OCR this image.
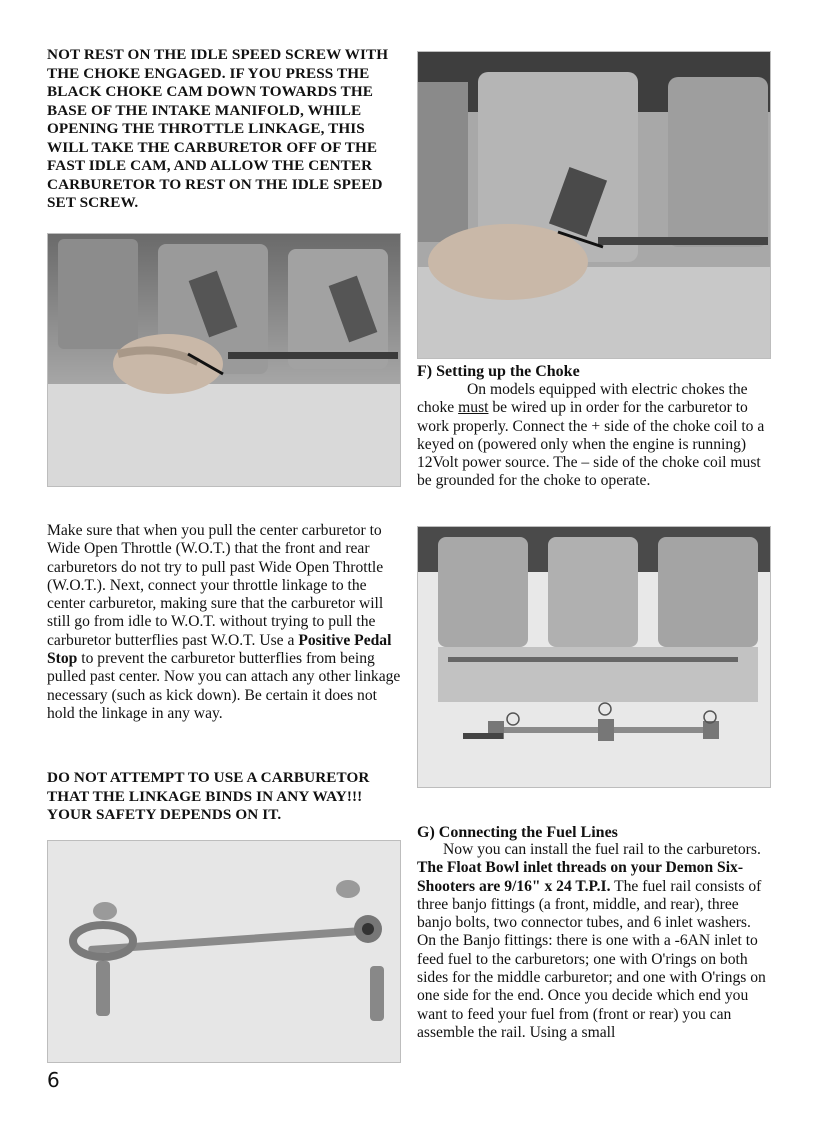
NOT REST ON THE IDLE SPEED SCREW WITH THE CHOKE ENGAGED. IF YOU PRESS THE BLACK CHOKE CAM DOWN TOWARDS THE BASE OF THE INTAKE MANIFOLD, WHILE OPENING THE THROTTLE LINKAGE, THIS WILL TAKE THE CARBURETOR OFF OF THE FAST IDLE CAM, AND ALLOW THE CENTER CARBURETOR TO REST ON THE IDLE SPEED SET SCREW.
Make sure that when you pull the center carburetor to Wide Open Throttle (W.O.T.) that the front and rear carburetors do not try to pull past Wide Open Throttle (W.O.T.). Next, connect your throttle linkage to the center carburetor, making sure that the carburetor will still go from idle to W.O.T. without trying to pull the carburetor butterflies past W.O.T. Use a Positive Pedal Stop to prevent the carburetor butterflies from being pulled past center. Now you can attach any other linkage necessary (such as kick down). Be certain it does not hold the linkage in any way.
DO NOT ATTEMPT TO USE A CARBURETOR THAT THE LINKAGE BINDS IN ANY WAY!!! YOUR SAFETY DEPENDS ON IT.
6
F) Setting up the Choke
On models equipped with electric chokes the choke must be wired up in order for the carburetor to work properly. Connect the + side of the choke coil to a keyed on (powered only when the engine is running) 12Volt power source. The – side of the choke coil must be grounded for the choke to operate.
G) Connecting the Fuel Lines
Now you can install the fuel rail to the carburetors. The Float Bowl inlet threads on your Demon Six-Shooters are 9/16" x 24 T.P.I. The fuel rail consists of three banjo fittings (a front, middle, and rear), three banjo bolts, two connector tubes, and 6 inlet washers. On the Banjo fittings: there is one with a -6AN inlet to feed fuel to the carburetors; one with O'rings on both sides for the middle carburetor; and one with O'rings on one side for the end. Once you decide which end you want to feed your fuel from (front or rear) you can assemble the rail. Using a small
